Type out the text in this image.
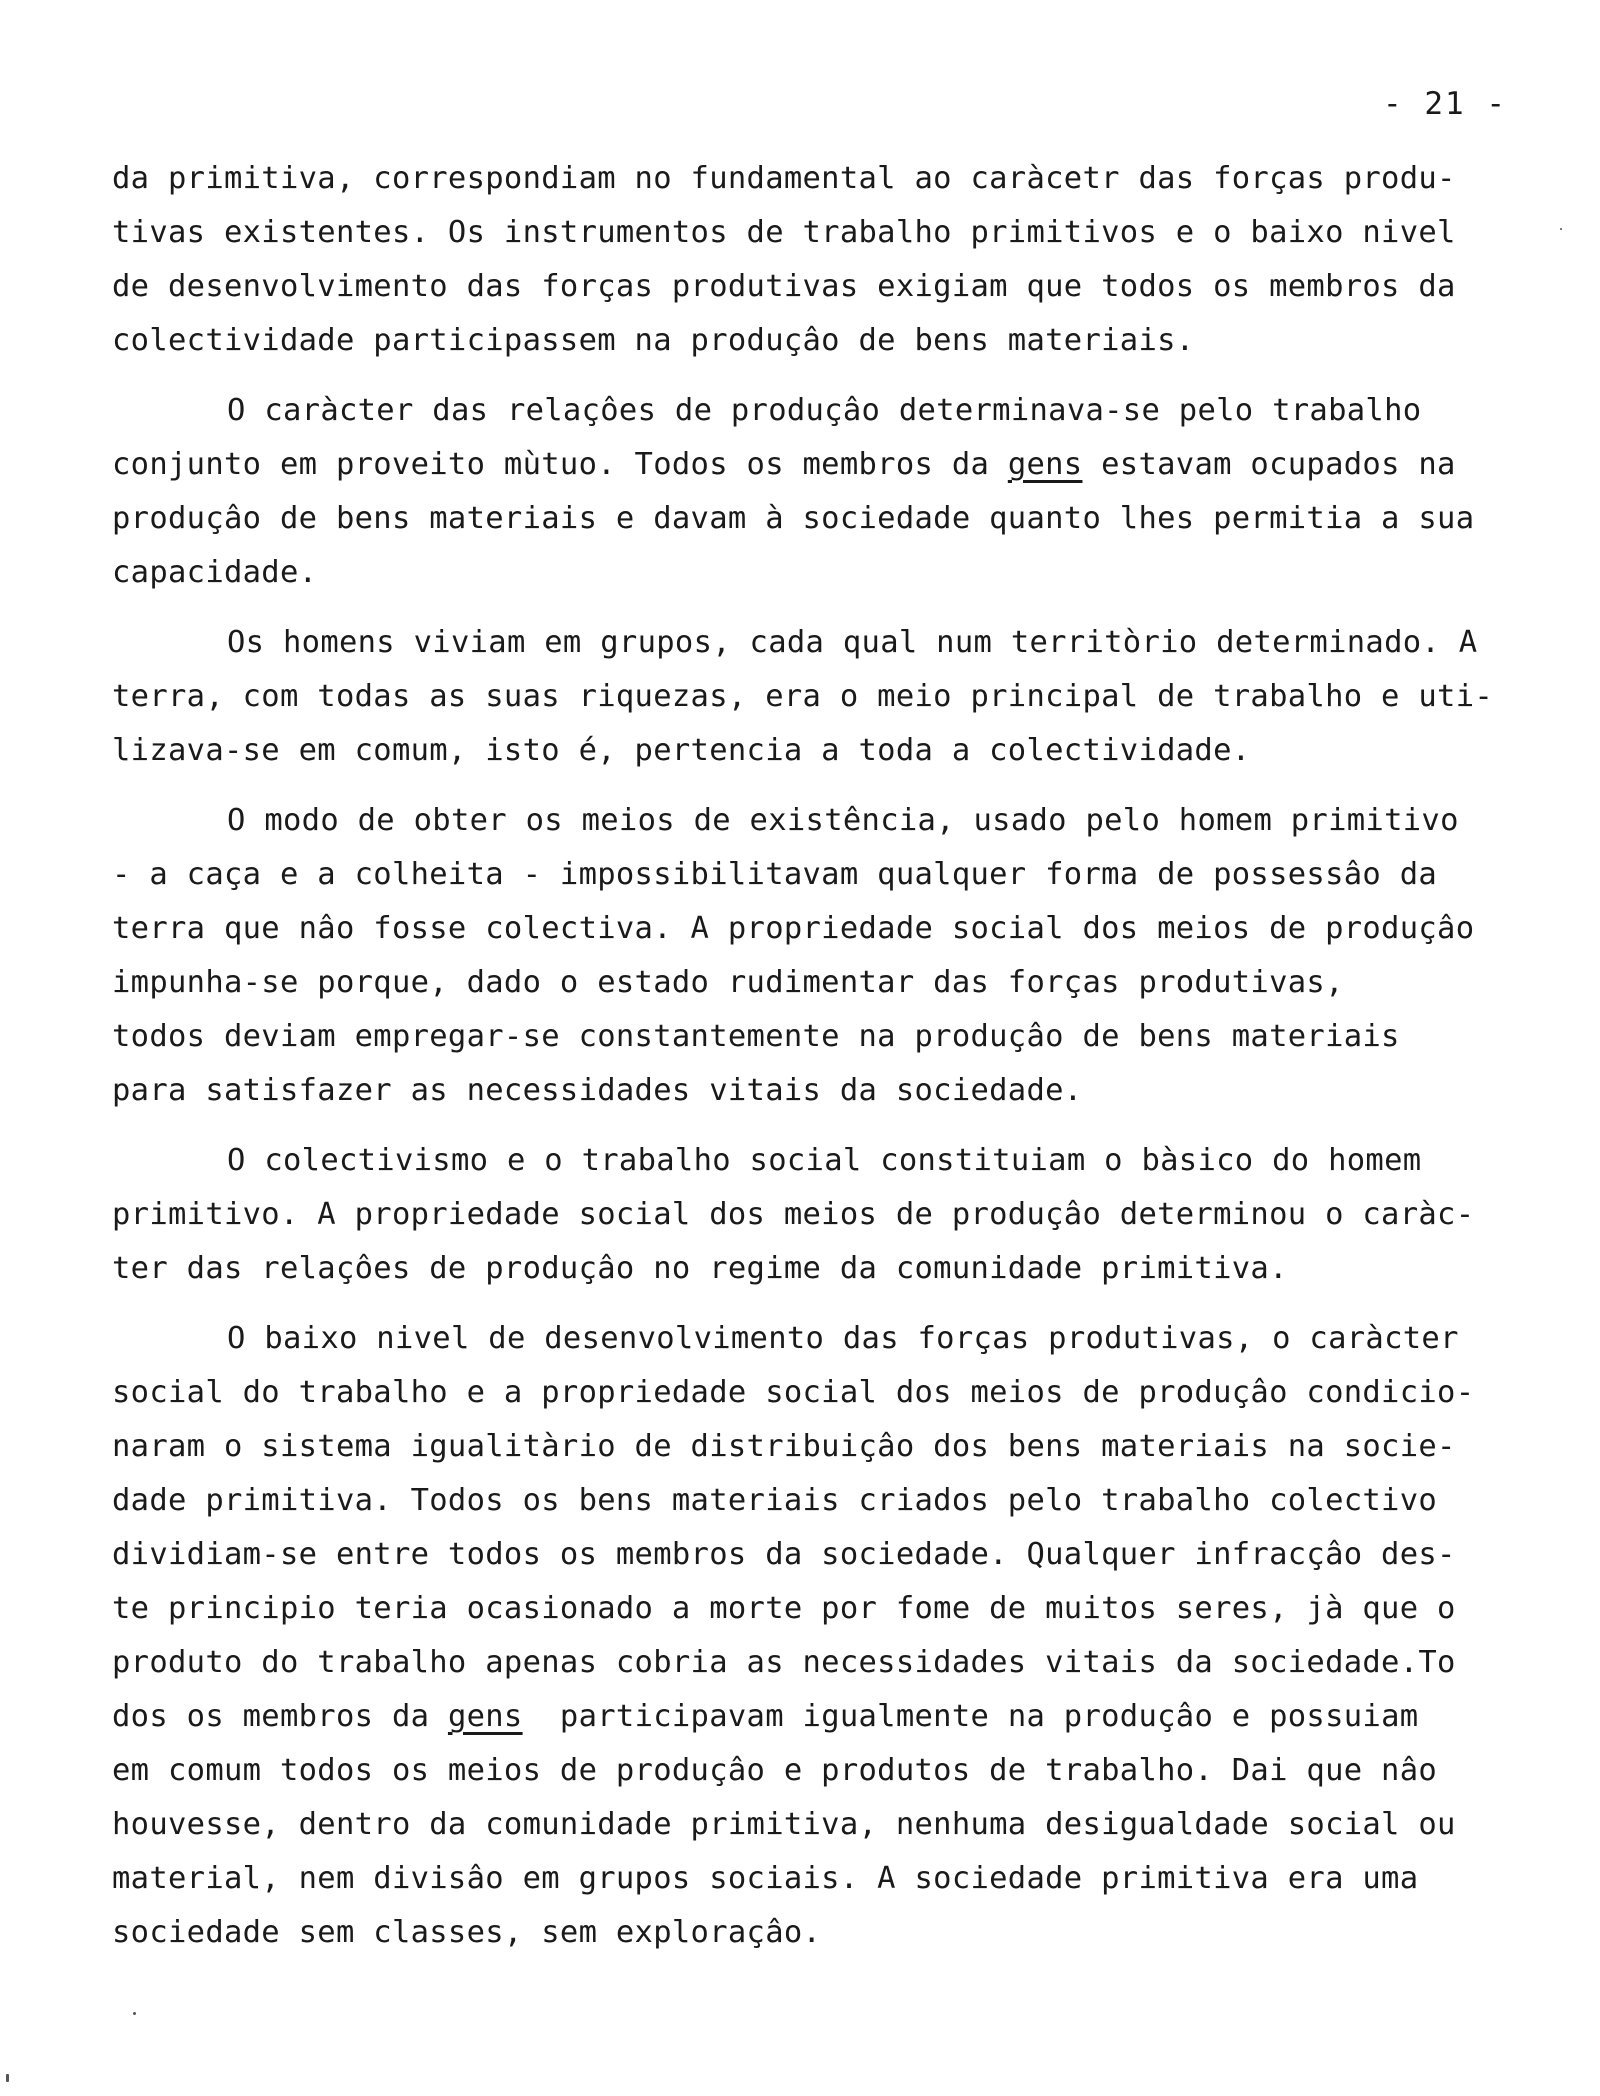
- 21 -
da primitiva, correspondiam no fundamental ao caràcetr das forças produ-
tivas existentes. Os instrumentos de trabalho primitivos e o baixo nivel
de desenvolvimento das forças produtivas exigiam que todos os membros da
colectividade participassem na produçâo de bens materiais.
O caràcter das relaçôes de produçâo determinava-se pelo trabalho
conjunto em proveito mùtuo. Todos os membros da gens estavam ocupados na
produçâo de bens materiais e davam à sociedade quanto lhes permitia a sua
capacidade.
Os homens viviam em grupos, cada qual num territòrio determinado. A
terra, com todas as suas riquezas, era o meio principal de trabalho e uti-
lizava-se em comum, isto é, pertencia a toda a colectividade.
O modo de obter os meios de existência, usado pelo homem primitivo
- a caça e a colheita - impossibilitavam qualquer forma de possessâo da
terra que nâo fosse colectiva. A propriedade social dos meios de produçâo
impunha-se porque, dado o estado rudimentar das forças produtivas,
todos deviam empregar-se constantemente na produçâo de bens materiais
para satisfazer as necessidades vitais da sociedade.
O colectivismo e o trabalho social constituiam o bàsico do homem
primitivo. A propriedade social dos meios de produçâo determinou o caràc-
ter das relaçôes de produçâo no regime da comunidade primitiva.
O baixo nivel de desenvolvimento das forças produtivas, o caràcter
social do trabalho e a propriedade social dos meios de produçâo condicio-
naram o sistema igualitàrio de distribuiçâo dos bens materiais na socie-
dade primitiva. Todos os bens materiais criados pelo trabalho colectivo
dividiam-se entre todos os membros da sociedade. Qualquer infracçâo des-
te principio teria ocasionado a morte por fome de muitos seres, jà que o
produto do trabalho apenas cobria as necessidades vitais da sociedade.To
dos os membros da gens  participavam igualmente na produçâo e possuiam
em comum todos os meios de produçâo e produtos de trabalho. Dai que nâo
houvesse, dentro da comunidade primitiva, nenhuma desigualdade social ou
material, nem divisâo em grupos sociais. A sociedade primitiva era uma
sociedade sem classes, sem exploraçâo.
